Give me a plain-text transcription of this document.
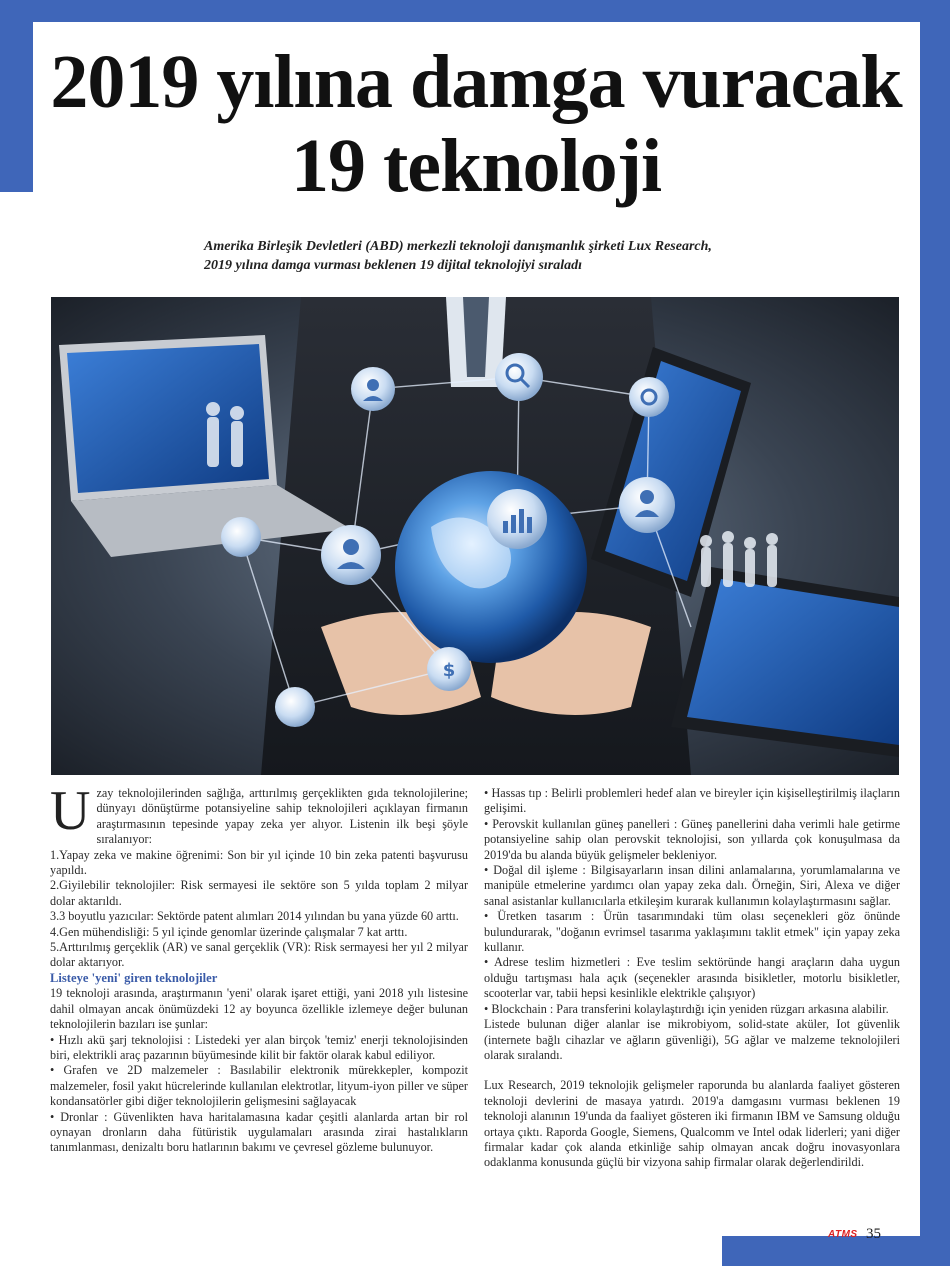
2019 yılına damga vuracak
19 teknoloji
Amerika Birleşik Devletleri (ABD) merkezli teknoloji danışmanlık şirketi Lux Research,
2019 yılına damga vurması beklenen 19 dijital teknolojiyi sıraladı
$

Uzay teknolojilerinden sağlığa, arttırılmış gerçeklikten gıda teknolojilerine; dünyayı dönüştürme potansiyeline sahip teknolojileri açıklayan firmanın araştırmasının tepesinde yapay zeka yer alıyor. Listenin ilk beşi şöyle sıralanıyor:

1.Yapay zeka ve makine öğrenimi: Son bir yıl içinde 10 bin zeka patenti başvurusu yapıldı.

2.Giyilebilir teknolojiler: Risk sermayesi ile sektöre son 5 yılda toplam 2 milyar dolar aktarıldı.

3.3 boyutlu yazıcılar: Sektörde patent alımları 2014 yılından bu yana yüzde 60 arttı.

4.Gen mühendisliği: 5 yıl içinde genomlar üzerinde çalışmalar 7 kat arttı.

5.Arttırılmış gerçeklik (AR) ve sanal gerçeklik (VR): Risk sermayesi her yıl 2 milyar dolar aktarıyor.

Listeye 'yeni' giren teknolojiler

19 teknoloji arasında, araştırmanın 'yeni' olarak işaret ettiği, yani 2018 yılı listesine dahil olmayan ancak önümüzdeki 12 ay boyunca özellikle izlemeye değer bulunan teknolojilerin bazıları ise şunlar:

• Hızlı akü şarj teknolojisi : Listedeki yer alan birçok 'temiz' enerji teknolojisinden biri, elektrikli araç pazarının büyümesinde kilit bir faktör olarak kabul ediliyor.

• Grafen ve 2D malzemeler : Basılabilir elektronik mürekkepler, kompozit malzemeler, fosil yakıt hücrelerinde kullanılan elektrotlar, lityum-iyon piller ve süper kondansatörler gibi diğer teknolojilerin gelişmesini sağlayacak

• Dronlar : Güvenlikten hava haritalamasına kadar çeşitli alanlarda artan bir rol oynayan dronların daha fütüristik uygulamaları arasında zirai hastalıkların tanımlanması, denizaltı boru hatlarının bakımı ve çevresel gözleme bulunuyor.

• Hassas tıp : Belirli problemleri hedef alan ve bireyler için kişiselleştirilmiş ilaçların gelişimi.

• Perovskit kullanılan güneş panelleri : Güneş panellerini daha verimli hale getirme potansiyeline sahip olan perovskit teknolojisi, son yıllarda çok konuşulmasa da 2019'da bu alanda büyük gelişmeler bekleniyor.

• Doğal dil işleme : Bilgisayarların insan dilini anlamalarına, yorumlamalarına ve manipüle etmelerine yardımcı olan yapay zeka dalı. Örneğin, Siri, Alexa ve diğer sanal asistanlar kullanıcılarla etkileşim kurarak kullanımın kolaylaştırmasını sağlar.

• Üretken tasarım : Ürün tasarımındaki tüm olası seçenekleri göz önünde bulundurarak, "doğanın evrimsel tasarıma yaklaşımını taklit etmek" için yapay zeka kullanır.

• Adrese teslim hizmetleri : Eve teslim sektöründe hangi araçların daha uygun olduğu tartışması hala açık (seçenekler arasında bisikletler, motorlu bisikletler, scooterlar var, tabii hepsi kesinlikle elektrikle çalışıyor)

• Blockchain : Para transferini kolaylaştırdığı için yeniden rüzgarı arkasına alabilir.

Listede bulunan diğer alanlar ise mikrobiyom, solid-state aküler, Iot güvenlik (internete bağlı cihazlar ve ağların güvenliği), 5G ağlar ve malzeme teknolojileri olarak sıralandı.

Lux Research, 2019 teknolojik gelişmeler raporunda bu alanlarda faaliyet gösteren teknoloji devlerini de masaya yatırdı. 2019'a damgasını vurması beklenen 19 teknoloji alanının 19'unda da faaliyet gösteren iki firmanın IBM ve Samsung olduğu ortaya çıktı. Raporda Google, Siemens, Qualcomm ve Intel odak liderleri; yani diğer firmalar kadar çok alanda etkinliğe sahip olmayan ancak doğru inovasyonlara odaklanma konusunda güçlü bir vizyona sahip firmalar olarak değerlendirildi.

ATMS 35
